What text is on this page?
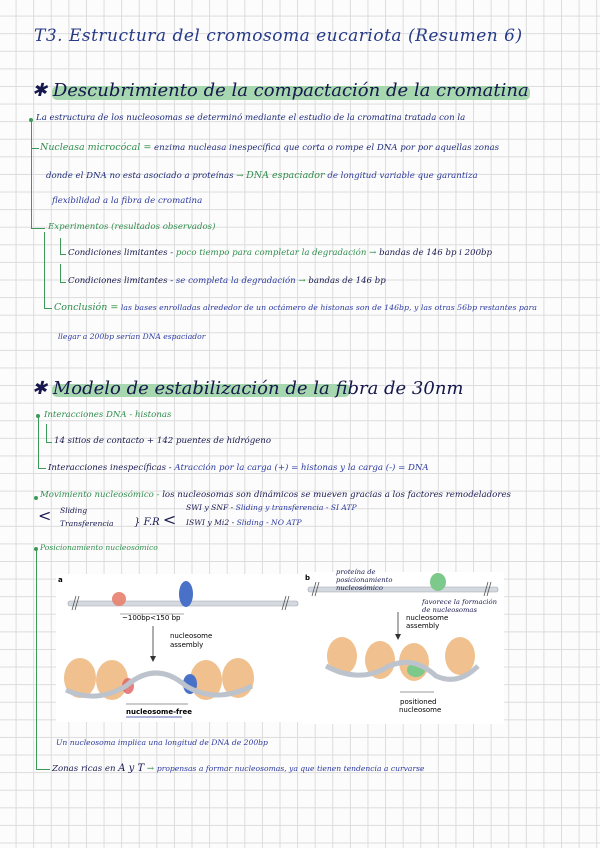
T3. Estructura del cromosoma eucariota (Resumen 6)
✱ Descubrimiento de la compactación de la cromatina
La estructura de los nucleosomas se determinó mediante el estudio de la cromatina tratada con la
Nucleasa microcócal = enzima nucleasa inespecífica que corta o rompe el DNA por por aquellas zonas
donde el DNA no esta asociado a proteínas → DNA espaciador de longitud variable que garantiza
flexibilidad a la fibra de cromatina
Experimentos (resultados observados)
Condiciones limitantes - poco tiempo para completar la degradación → bandas de 146 bp i 200bp
Condiciones limitantes - se completa la degradación → bandas de 146 bp
Conclusión = las bases enrolladas alrededor de un octámero de histonas son de 146bp, y las otras 56bp restantes para
llegar a 200bp serían DNA espaciador
✱ Modelo de estabilización de la fibra de 30nm
Interacciones DNA - histonas
14 sitios de contacto + 142 puentes de hidrógeno
Interacciones inespecíficas - Atracción por la carga (+) = histonas y la carga (-) = DNA
Movimiento nucleosómico - los nucleosomas son dinámicos se mueven gracias a los factores remodeladores
< Sliding
Transferencia } F.R <
SWI y SNF - Sliding y transferencia - SI ATP
ISWI y Mi2 - Sliding - NO ATP
Posicionamiento nucleosómico
a
~100bp<150 bp
nucleosome
assembly
nucleosome-free
b
nucleosome
assembly
positioned
nucleosome
proteína de posicionamiento nucleosómico
favorece la formación de nucleosomas
Un nucleosoma implica una longitud de DNA de 200bp
Zonas ricas en A y T → propensas a formar nucleosomas, ya que tienen tendencia a curvarse
